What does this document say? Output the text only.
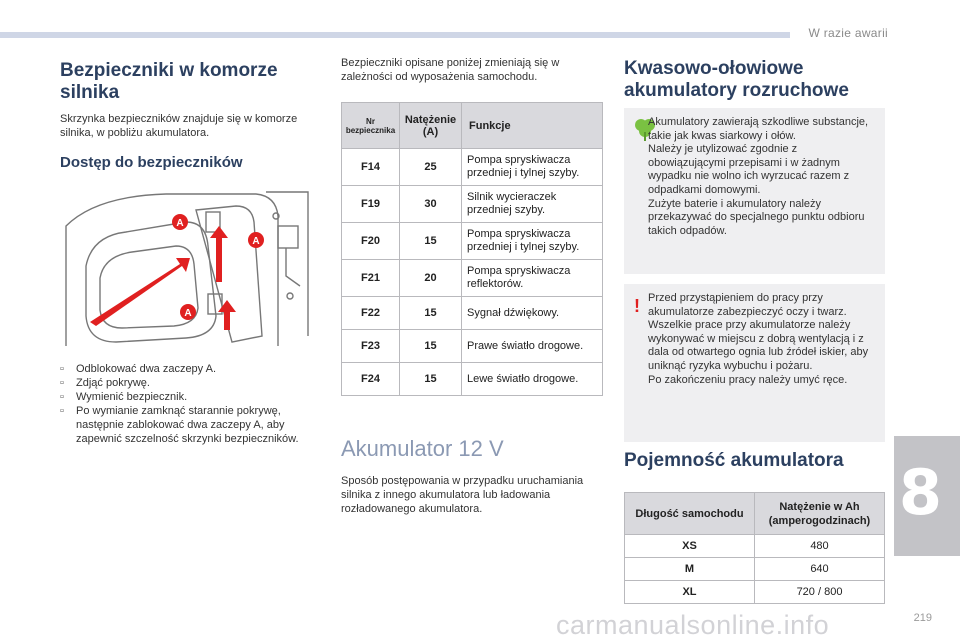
W razie awarii
8
219
Bezpieczniki w komorze silnika
Skrzynka bezpieczników znajduje się w komorze silnika, w pobliżu akumulatora.
Dostęp do bezpieczników
A
A
A
▫ Odblokować dwa zaczepy A.
▫ Zdjąć pokrywę.
▫ Wymienić bezpiecznik.
▫ Po wymianie zamknąć starannie pokrywę, następnie zablokować dwa zaczepy A, aby zapewnić szczelność skrzynki bezpieczników.
Bezpieczniki opisane poniżej zmieniają się w zależności od wyposażenia samochodu.
Nr bezpiecznika	Natężenie (A)	Funkcje
F14	25	Pompa spryskiwacza przedniej i tylnej szyby.
F19	30	Silnik wycieraczek przedniej szyby.
F20	15	Pompa spryskiwacza przedniej i tylnej szyby.
F21	20	Pompa spryskiwacza reflektorów.
F22	15	Sygnał dźwiękowy.
F23	15	Prawe światło drogowe.
F24	15	Lewe światło drogowe.
Akumulator 12 V
Sposób postępowania w przypadku uruchamiania silnika z innego akumulatora lub ładowania rozładowanego akumulatora.
Kwasowo-ołowiowe akumulatory rozruchowe
Akumulatory zawierają szkodliwe substancje, takie jak kwas siarkowy i ołów.
Należy je utylizować zgodnie z obowiązującymi przepisami i w żadnym wypadku nie wolno ich wyrzucać razem z odpadkami domowymi.
Zużyte baterie i akumulatory należy przekazywać do specjalnego punktu odbioru takich odpadów.
! Przed przystąpieniem do pracy przy akumulatorze zabezpieczyć oczy i twarz.
Wszelkie prace przy akumulatorze należy wykonywać w miejscu z dobrą wentylacją i z dala od otwartego ognia lub źródeł iskier, aby uniknąć ryzyka wybuchu i pożaru.
Po zakończeniu pracy należy umyć ręce.
Pojemność akumulatora
Długość samochodu	Natężenie w Ah (amperogodzinach)
XS	480
M	640
XL	720 / 800
carmanualsonline.info
